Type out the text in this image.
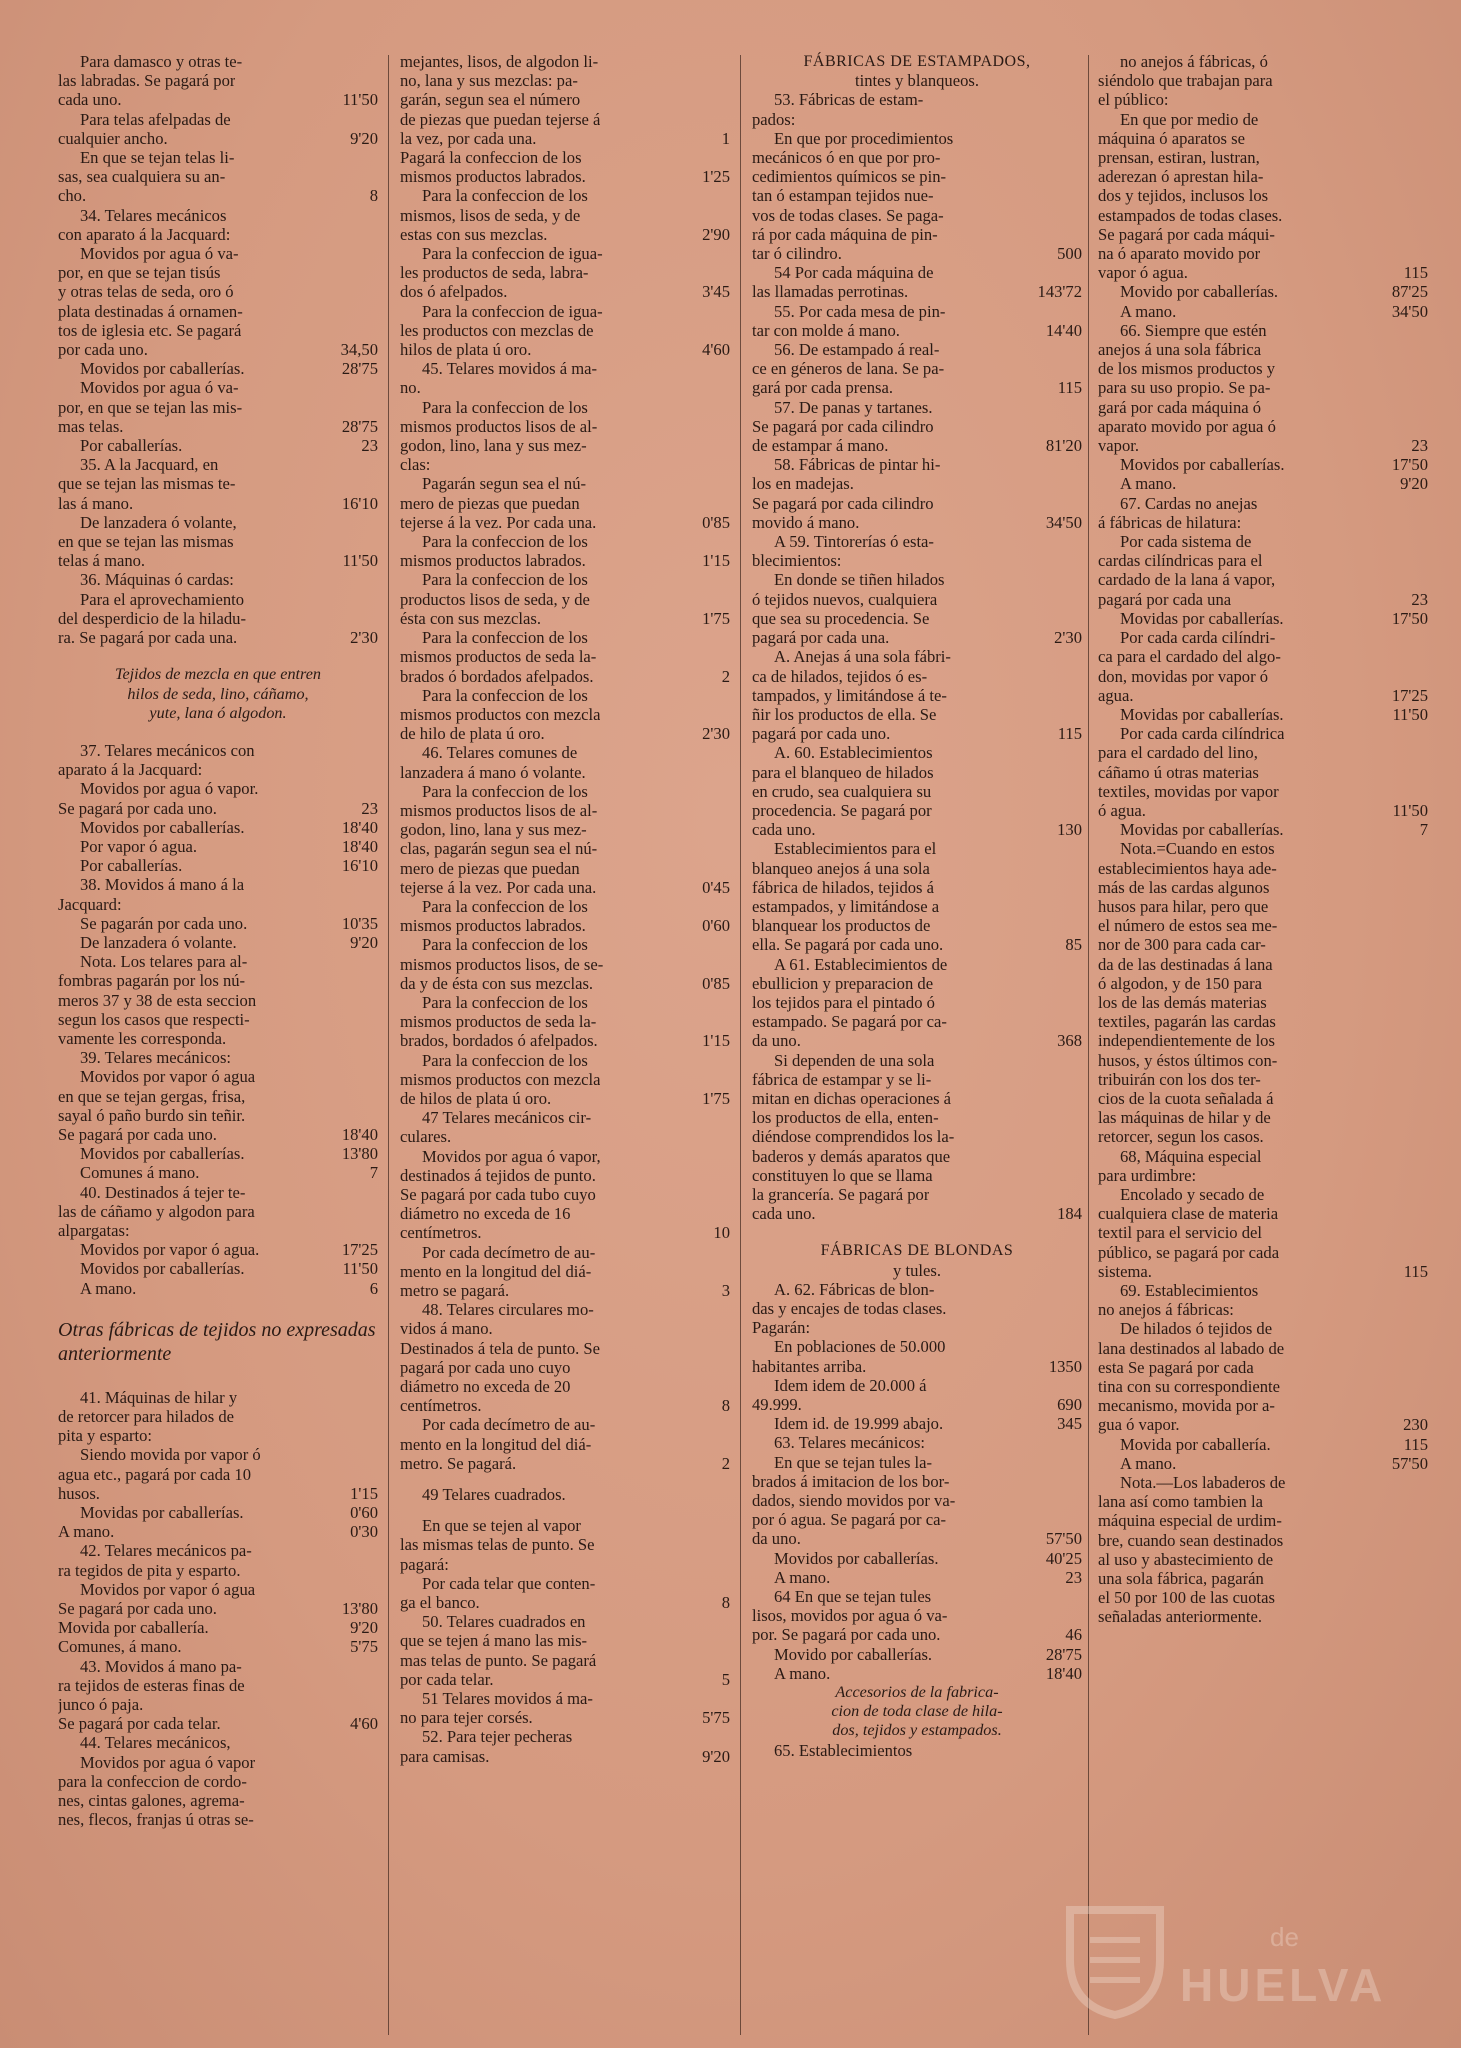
Para damasco y otras te-
las labradas. Se pagará por
cada uno.	11'50
Para telas afelpadas de
cualquier ancho.	9'20
En que se tejan telas li-
sas, sea cualquiera su an-
cho.	8
34. Telares mecánicos
con aparato á la Jacquard:
Movidos por agua ó va-
por, en que se tejan tisús
y otras telas de seda, oro ó
plata destinadas á ornamen-
tos de iglesia etc. Se pagará
por cada uno.	34,50
Movidos por caballerías.	28'75
Movidos por agua ó va-
por, en que se tejan las mis-
mas telas.	28'75
Por caballerías.	23
35. A la Jacquard, en
que se tejan las mismas te-
las á mano.	16'10
De lanzadera ó volante,
en que se tejan las mismas
telas á mano.	11'50
36. Máquinas ó cardas:
Para el aprovechamiento
del desperdicio de la hiladu-
ra. Se pagará por cada una.	2'30
Tejidos de mezcla en que entren
hilos de seda, lino, cáñamo,
yute, lana ó algodon.
37. Telares mecánicos con
aparato á la Jacquard:
Movidos por agua ó vapor.
Se pagará por cada uno.	23
Movidos por caballerías.	18'40
Por vapor ó agua.	18'40
Por caballerías.	16'10
38. Movidos á mano á la
Jacquard:
Se pagarán por cada uno.	10'35
De lanzadera ó volante.	9'20
Nota. Los telares para al-
fombras pagarán por los nú-
meros 37 y 38 de esta seccion
segun los casos que respecti-
vamente les corresponda.
39. Telares mecánicos:
Movidos por vapor ó agua
en que se tejan gergas, frisa,
sayal ó paño burdo sin teñir.
Se pagará por cada uno.	18'40
Movidos por caballerías.	13'80
Comunes á mano.	7
40. Destinados á tejer te-
las de cáñamo y algodon para
alpargatas:
Movidos por vapor ó agua.	17'25
Movidos por caballerías.	11'50
A mano.	6
Otras fábricas de tejidos no expresadas anteriormente
41. Máquinas de hilar y
de retorcer para hilados de
pita y esparto:
Siendo movida por vapor ó
agua etc., pagará por cada 10
husos.	1'15
Movidas por caballerías.	0'60
A mano.	0'30
42. Telares mecánicos pa-
ra tegidos de pita y esparto.
Movidos por vapor ó agua
Se pagará por cada uno.	13'80
Movida por caballería.	9'20
Comunes, á mano.	5'75
43. Movidos á mano pa-
ra tejidos de esteras finas de
junco ó paja.
Se pagará por cada telar.	4'60
44. Telares mecánicos,
Movidos por agua ó vapor
para la confeccion de cordo-
nes, cintas galones, agrema-
nes, flecos, franjas ú otras se-
mejantes, lisos, de algodon li-
no, lana y sus mezclas: pa-
garán, segun sea el número
de piezas que puedan tejerse á
la vez, por cada una.	1
Pagará la confeccion de los
mismos productos labrados.	1'25
Para la confeccion de los
mismos, lisos de seda, y de
estas con sus mezclas.	2'90
Para la confeccion de igua-
les productos de seda, labra-
dos ó afelpados.	3'45
Para la confeccion de igua-
les productos con mezclas de
hilos de plata ú oro.	4'60
45. Telares movidos á ma-
no.
Para la confeccion de los
mismos productos lisos de al-
godon, lino, lana y sus mez-
clas:
Pagarán segun sea el nú-
mero de piezas que puedan
tejerse á la vez. Por cada una.	0'85
Para la confeccion de los
mismos productos labrados.	1'15
Para la confeccion de los
productos lisos de seda, y de
ésta con sus mezclas.	1'75
Para la confeccion de los
mismos productos de seda la-
brados ó bordados afelpados.	2
Para la confeccion de los
mismos productos con mezcla
de hilo de plata ú oro.	2'30
46. Telares comunes de
lanzadera á mano ó volante.
Para la confeccion de los
mismos productos lisos de al-
godon, lino, lana y sus mez-
clas, pagarán segun sea el nú-
mero de piezas que puedan
tejerse á la vez. Por cada una.	0'45
Para la confeccion de los
mismos productos labrados.	0'60
Para la confeccion de los
mismos productos lisos, de se-
da y de ésta con sus mezclas.	0'85
Para la confeccion de los
mismos productos de seda la-
brados, bordados ó afelpados.	1'15
Para la confeccion de los
mismos productos con mezcla
de hilos de plata ú oro.	1'75
47 Telares mecánicos cir-
culares.
Movidos por agua ó vapor,
destinados á tejidos de punto.
Se pagará por cada tubo cuyo
diámetro no exceda de 16
centímetros.	10
Por cada decímetro de au-
mento en la longitud del diá-
metro se pagará.	3
48. Telares circulares mo-
vidos á mano.
Destinados á tela de punto. Se
pagará por cada uno cuyo
diámetro no exceda de 20
centímetros.	8
Por cada decímetro de au-
mento en la longitud del diá-
metro. Se pagará.	2
49 Telares cuadrados.
En que se tejen al vapor
las mismas telas de punto. Se
pagará:
Por cada telar que conten-
ga el banco.	8
50. Telares cuadrados en
que se tejen á mano las mis-
mas telas de punto. Se pagará
por cada telar.	5
51 Telares movidos á ma-
no para tejer corsés.	5'75
52. Para tejer pecheras
para camisas.	9'20
FÁBRICAS DE ESTAMPADOS,
tintes y blanqueos.
53. Fábricas de estam-
pados:
En que por procedimientos
mecánicos ó en que por pro-
cedimientos químicos se pin-
tan ó estampan tejidos nue-
vos de todas clases. Se paga-
rá por cada máquina de pin-
tar ó cilindro.	500
54 Por cada máquina de
las llamadas perrotinas.	143'72
55. Por cada mesa de pin-
tar con molde á mano.	14'40
56. De estampado á real-
ce en géneros de lana. Se pa-
gará por cada prensa.	115
57. De panas y tartanes.
Se pagará por cada cilindro
de estampar á mano.	81'20
58. Fábricas de pintar hi-
los en madejas.
Se pagará por cada cilindro
movido á mano.	34'50
A 59. Tintorerías ó esta-
blecimientos:
En donde se tiñen hilados
ó tejidos nuevos, cualquiera
que sea su procedencia. Se
pagará por cada una.	2'30
A. Anejas á una sola fábri-
ca de hilados, tejidos ó es-
tampados, y limitándose á te-
ñir los productos de ella. Se
pagará por cada uno.	115
A. 60. Establecimientos
para el blanqueo de hilados
en crudo, sea cualquiera su
procedencia. Se pagará por
cada uno.	130
Establecimientos para el
blanqueo anejos á una sola
fábrica de hilados, tejidos á
estampados, y limitándose a
blanquear los productos de
ella. Se pagará por cada uno.	85
A 61. Establecimientos de
ebullicion y preparacion de
los tejidos para el pintado ó
estampado. Se pagará por ca-
da uno.	368
Si dependen de una sola
fábrica de estampar y se li-
mitan en dichas operaciones á
los productos de ella, enten-
diéndose comprendidos los la-
baderos y demás aparatos que
constituyen lo que se llama
la grancería. Se pagará por
cada uno.	184
FÁBRICAS DE BLONDAS
y tules.
A. 62. Fábricas de blon-
das y encajes de todas clases.
Pagarán:
En poblaciones de 50.000
habitantes arriba.	1350
Idem idem de 20.000 á
49.999.	690
Idem id. de 19.999 abajo.	345
63. Telares mecánicos:
En que se tejan tules la-
brados á imitacion de los bor-
dados, siendo movidos por va-
por ó agua. Se pagará por ca-
da uno.	57'50
Movidos por caballerías.	40'25
A mano.	23
64 En que se tejan tules
lisos, movidos por agua ó va-
por. Se pagará por cada uno.	46
Movido por caballerías.	28'75
A mano.	18'40
Accesorios de la fabrica-
cion de toda clase de hila-
dos, tejidos y estampados.
65. Establecimientos
no anejos á fábricas, ó
siéndolo que trabajan para
el público:
En que por medio de
máquina ó aparatos se
prensan, estiran, lustran,
aderezan ó aprestan hila-
dos y tejidos, inclusos los
estampados de todas clases.
Se pagará por cada máqui-
na ó aparato movido por
vapor ó agua.	115
Movido por caballerías.	87'25
A mano.	34'50
66. Siempre que estén
anejos á una sola fábrica
de los mismos productos y
para su uso propio. Se pa-
gará por cada máquina ó
aparato movido por agua ó
vapor.	23
Movidos por caballerías.	17'50
A mano.	9'20
67. Cardas no anejas
á fábricas de hilatura:
Por cada sistema de
cardas cilíndricas para el
cardado de la lana á vapor,
pagará por cada una	23
Movidas por caballerías.	17'50
Por cada carda cilíndri-
ca para el cardado del algo-
don, movidas por vapor ó
agua.	17'25
Movidas por caballerías.	11'50
Por cada carda cilíndrica
para el cardado del lino,
cáñamo ú otras materias
textiles, movidas por vapor
ó agua.	11'50
Movidas por caballerías.	7
Nota.=Cuando en estos
establecimientos haya ade-
más de las cardas algunos
husos para hilar, pero que
el número de estos sea me-
nor de 300 para cada car-
da de las destinadas á lana
ó algodon, y de 150 para
los de las demás materias
textiles, pagarán las cardas
independientemente de los
husos, y éstos últimos con-
tribuirán con los dos ter-
cios de la cuota señalada á
las máquinas de hilar y de
retorcer, segun los casos.
68, Máquina especial
para urdimbre:
Encolado y secado de
cualquiera clase de materia
textil para el servicio del
público, se pagará por cada
sistema.	115
69. Establecimientos
no anejos á fábricas:
De hilados ó tejidos de
lana destinados al labado de
esta Se pagará por cada
tina con su correspondiente
mecanismo, movida por a-
gua ó vapor.	230
Movida por caballería.	115
A mano.	57'50
Nota.—Los labaderos de
lana así como tambien la
máquina especial de urdim-
bre, cuando sean destinados
al uso y abastecimiento de
una sola fábrica, pagarán
el 50 por 100 de las cuotas
señaladas anteriormente.
de
HUELVA
